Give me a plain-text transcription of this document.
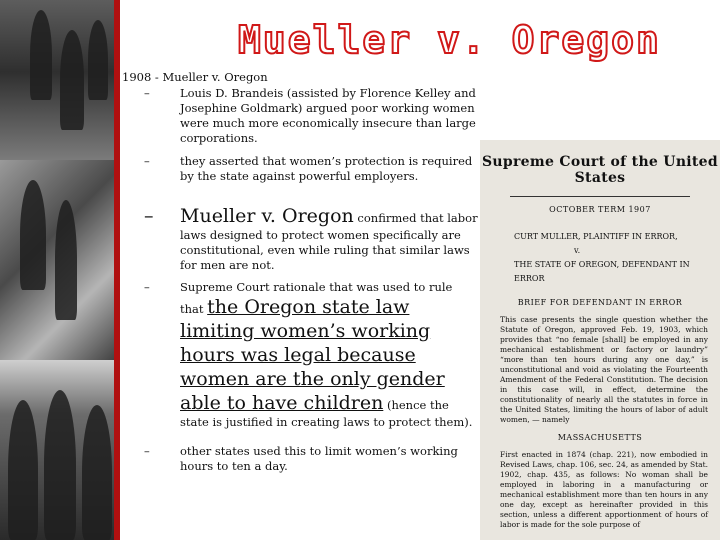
Mueller v. Oregon

1908 - Mueller v. Oregon

–	Louis D. Brandeis (assisted by Florence Kelley and Josephine Goldmark) argued poor working women were much more economically insecure than large corporations.
–	they asserted that women’s protection is required by the state against powerful employers.
– Mueller v. Oregon confirmed that labor laws designed to protect women specifically are constitutional, even while ruling that similar laws for men are not.
–	Supreme Court rationale that was used to rule
that the Oregon state law
limiting women’s working
hours was legal because
women are the only gender
able to have children (hence the state is justified in creating laws to protect them).
–	other states used this to limit women’s working hours to ten a day.
Supreme Court of the United States
OCTOBER TERM 1907
CURT MULLER, PLAINTIFF IN ERROR,
v.
THE STATE OF OREGON, DEFENDANT IN ERROR
BRIEF FOR DEFENDANT IN ERROR
This case presents the single question whether the Statute of Oregon, approved Feb. 19, 1903, which provides that “no female [shall] be employed in any mechanical establishment or factory or laundry” “more than ten hours during any one day,” is unconstitutional and void as violating the Fourteenth Amendment of the Federal Constitution. The decision in this case will, in effect, determine the constitutionality of nearly all the statutes in force in the United States, limiting the hours of labor of adult women, — namely
MASSACHUSETTS
First enacted in 1874 (chap. 221), now embodied in Revised Laws, chap. 106, sec. 24, as amended by Stat. 1902, chap. 435, as follows: No woman shall be employed in laboring in a manufacturing or mechanical establishment more than ten hours in any one day, except as hereinafter provided in this section, unless a different apportionment of hours of labor is made for the sole purpose of
